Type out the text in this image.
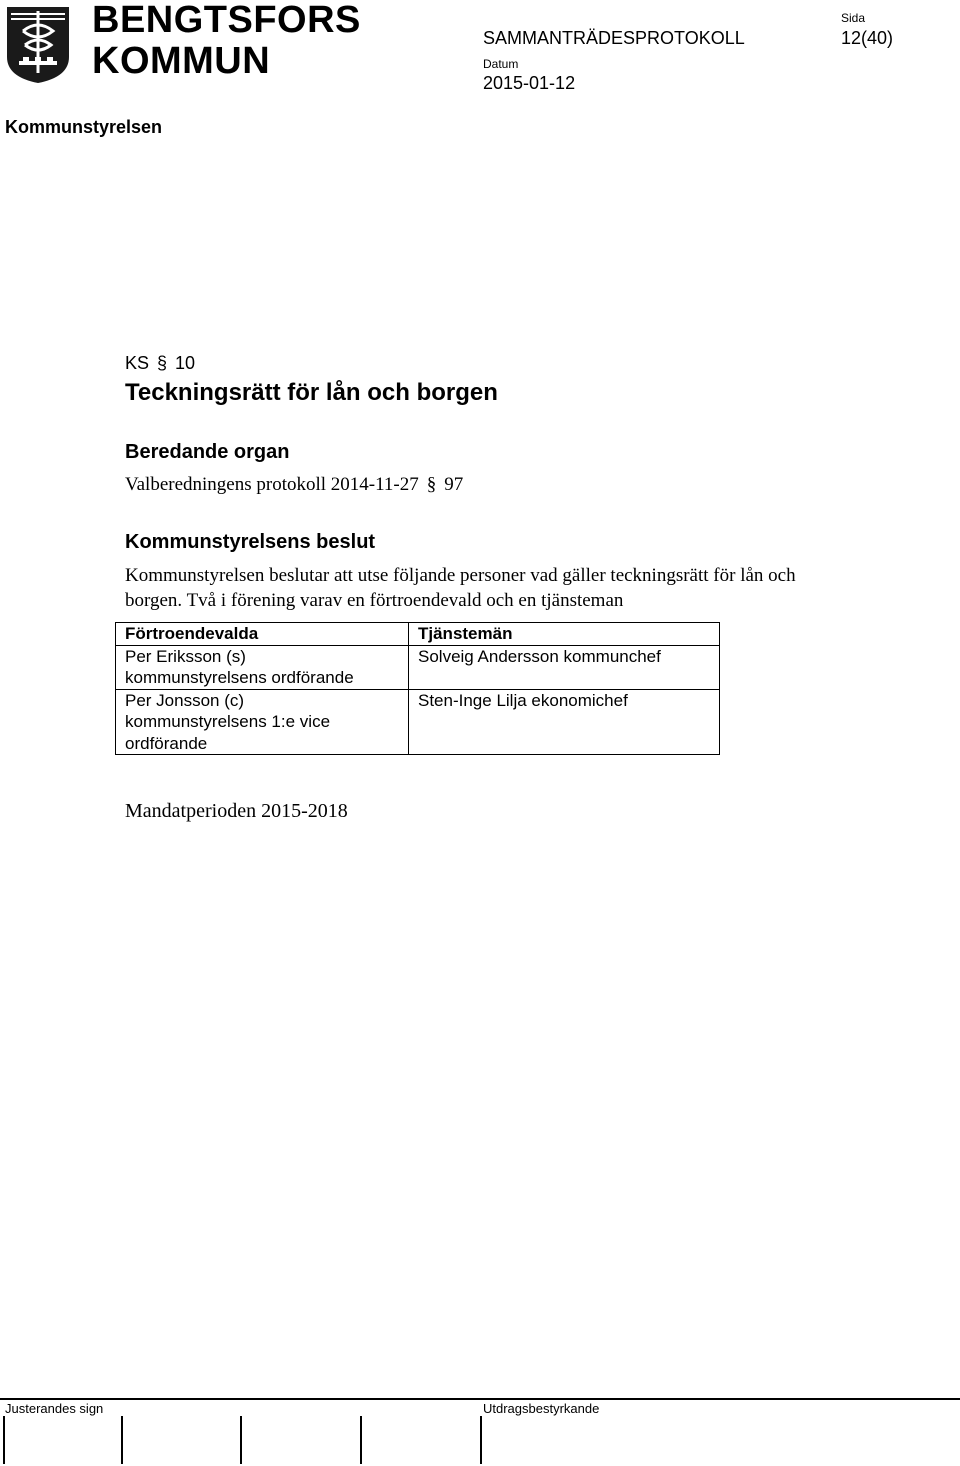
BENGTSFORS
KOMMUN
SAMMANTRÄDESPROTOKOLL
Datum
2015-01-12
Sida
12(40)
Kommunstyrelsen
KS § 10
Teckningsrätt för lån och borgen
Beredande organ
Valberedningens protokoll 2014-11-27 § 97
Kommunstyrelsens beslut
Kommunstyrelsen beslutar att utse följande personer vad gäller teckningsrätt för lån och borgen. Två i förening varav en förtroendevald och en tjänsteman
Förtroendevalda	Tjänstemän

Per Eriksson (s)
kommunstyrelsens ordförande	Solveig Andersson kommunchef

Per Jonsson (c)
kommunstyrelsens 1:e vice
ordförande	Sten-Inge Lilja ekonomichef
Mandatperioden 2015-2018
Justerandes sign	Utdragsbestyrkande
